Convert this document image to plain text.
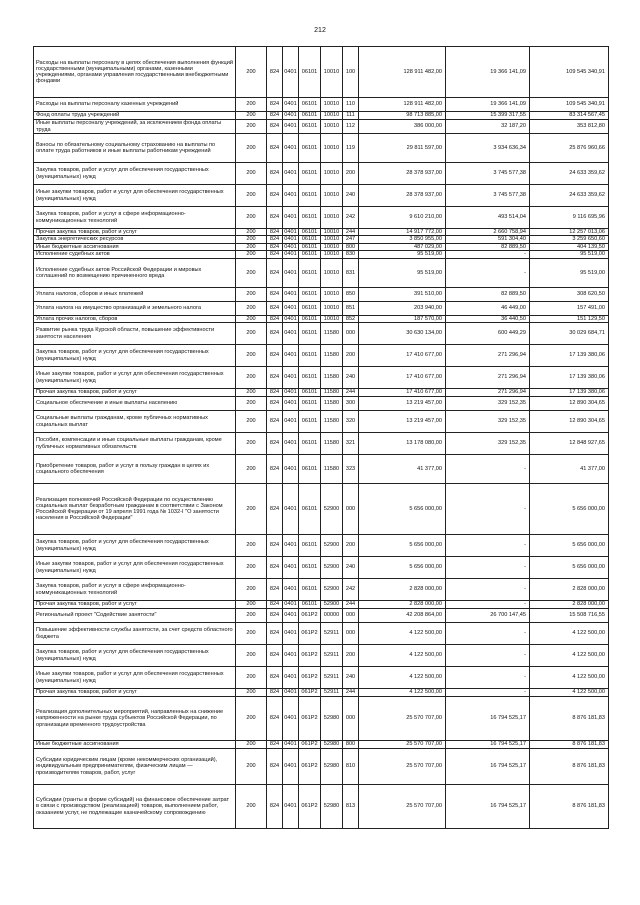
212
Расходы на выплаты персоналу в целях обеспечения выполнения функций государственными (муниципальными) органами, казенными учреждениями, органами управления государственными внебюджетными фондами	200	824	0401	06101	10010	100	128 911 482,00	19 366 141,09	109 545 340,91
Расходы на выплаты персоналу казенных учреждений	200	824	0401	06101	10010	110	128 911 482,00	19 366 141,09	109 545 340,91
Фонд оплаты труда учреждений	200	824	0401	06101	10010	111	98 713 885,00	15 399 317,55	83 314 567,45
Иные выплаты персоналу учреждений, за исключением фонда оплаты труда	200	824	0401	06101	10010	112	386 000,00	32 187,20	353 812,80
Взносы по обязательному социальному страхованию на выплаты по оплате труда работников и иные выплаты работникам учреждений	200	824	0401	06101	10010	119	29 811 597,00	3 934 636,34	25 876 960,66
Закупка товаров, работ и услуг для обеспечения государственных (муниципальных) нужд	200	824	0401	06101	10010	200	28 378 937,00	3 745 577,38	24 633 359,62
Иные закупки товаров, работ и услуг для обеспечения государственных (муниципальных) нужд	200	824	0401	06101	10010	240	28 378 937,00	3 745 577,38	24 633 359,62
Закупка товаров, работ и услуг в сфере информационно-коммуникационных технологий	200	824	0401	06101	10010	242	9 610 210,00	493 514,04	9 116 695,96
Прочая закупка товаров, работ и услуг	200	824	0401	06101	10010	244	14 917 772,00	2 660 758,94	12 257 013,06
Закупка энергетических ресурсов	200	824	0401	06101	10010	247	3 850 955,00	591 304,40	3 259 650,60
Иные бюджетные ассигнования	200	824	0401	06101	10010	800	487 029,00	82 889,50	404 139,50
Исполнение судебных актов	200	824	0401	06101	10010	830	95 519,00	-	95 519,00
Исполнение судебных актов Российской Федерации и мировых соглашений по возмещению причиненного вреда	200	824	0401	06101	10010	831	95 519,00	-	95 519,00
Уплата налогов, сборов и иных платежей	200	824	0401	06101	10010	850	391 510,00	82 889,50	308 620,50
Уплата налога на имущество организаций и земельного налога	200	824	0401	06101	10010	851	203 940,00	46 449,00	157 491,00
Уплата прочих налогов, сборов	200	824	0401	06101	10010	852	187 570,00	36 440,50	151 129,50
Развитие рынка труда Курской области, повышение эффективности занятости населения	200	824	0401	06101	11580	000	30 630 134,00	600 449,29	30 029 684,71
Закупка товаров, работ и услуг для обеспечения государственных (муниципальных) нужд	200	824	0401	06101	11580	200	17 410 677,00	271 296,94	17 139 380,06
Иные закупки товаров, работ и услуг для обеспечения государственных (муниципальных) нужд	200	824	0401	06101	11580	240	17 410 677,00	271 296,94	17 139 380,06
Прочая закупка товаров, работ и услуг	200	824	0401	06101	11580	244	17 410 677,00	271 296,94	17 139 380,06
Социальное обеспечение и иные выплаты населению	200	824	0401	06101	11580	300	13 219 457,00	329 152,35	12 890 304,65
Социальные выплаты гражданам, кроме публичных нормативных социальных выплат	200	824	0401	06101	11580	320	13 219 457,00	329 152,35	12 890 304,65
Пособия, компенсации и иные социальные выплаты гражданам, кроме публичных нормативных обязательств	200	824	0401	06101	11580	321	13 178 080,00	329 152,35	12 848 927,65
Приобретение товаров, работ и услуг в пользу граждан в целях их социального обеспечения	200	824	0401	06101	11580	323	41 377,00	-	41 377,00
Реализация полномочий Российской Федерации по осуществлению социальных выплат безработным гражданам в соответствии с Законом Российской Федерации от 19 апреля 1991 года № 1032-I "О занятости населения в Российской Федерации"	200	824	0401	06101	52900	000	5 656 000,00	-	5 656 000,00
Закупка товаров, работ и услуг для обеспечения государственных (муниципальных) нужд	200	824	0401	06101	52900	200	5 656 000,00	-	5 656 000,00
Иные закупки товаров, работ и услуг для обеспечения государственных (муниципальных) нужд	200	824	0401	06101	52900	240	5 656 000,00	-	5 656 000,00
Закупка товаров, работ и услуг в сфере информационно-коммуникационных технологий	200	824	0401	06101	52900	242	2 828 000,00	-	2 828 000,00
Прочая закупка товаров, работ и услуг	200	824	0401	06101	52900	244	2 828 000,00	-	2 828 000,00
Региональный проект "Содействие занятости"	200	824	0401	061P2	00000	000	42 208 864,00	26 700 147,45	15 508 716,55
Повышение эффективности службы занятости, за счет средств областного бюджета	200	824	0401	061P2	52911	000	4 122 500,00	-	4 122 500,00
Закупка товаров, работ и услуг для обеспечения государственных (муниципальных) нужд	200	824	0401	061P2	52911	200	4 122 500,00	-	4 122 500,00
Иные закупки товаров, работ и услуг для обеспечения государственных (муниципальных) нужд	200	824	0401	061P2	52911	240	4 122 500,00	-	4 122 500,00
Прочая закупка товаров, работ и услуг	200	824	0401	061P2	52911	244	4 122 500,00	-	4 122 500,00
Реализация дополнительных мероприятий, направленных на снижение напряженности на рынке труда субъектов Российской Федерации, по организации временного трудоустройства	200	824	0401	061P2	52980	000	25 570 707,00	16 794 525,17	8 876 181,83
Иные бюджетные ассигнования	200	824	0401	061P2	52980	800	25 570 707,00	16 794 525,17	8 876 181,83
Субсидии юридическим лицам (кроме некоммерческих организаций), индивидуальным предпринимателям, физическим лицам — производителям товаров, работ, услуг	200	824	0401	061P2	52980	810	25 570 707,00	16 794 525,17	8 876 181,83
Субсидии (гранты в форме субсидий) на финансовое обеспечение затрат в связи с производством (реализацией) товаров, выполнением работ, оказанием услуг, не подлежащие казначейскому сопровождению	200	824	0401	061P2	52980	813	25 570 707,00	16 794 525,17	8 876 181,83
